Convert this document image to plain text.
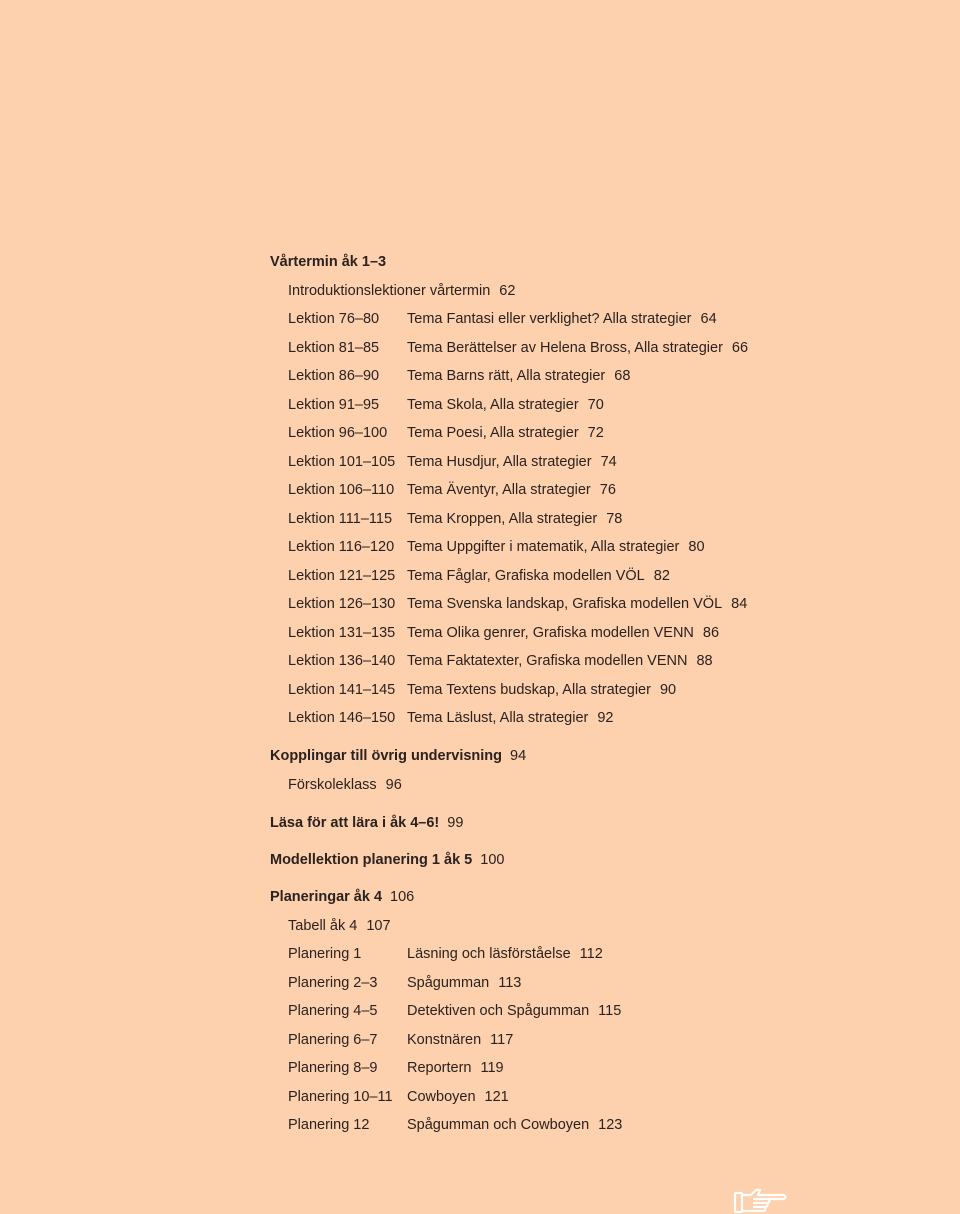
Vårtermin åk 1–3
Introduktionslektioner vårtermin 62
Lektion 76–80 Tema Fantasi eller verklighet? Alla strategier 64
Lektion 81–85 Tema Berättelser av Helena Bross, Alla strategier 66
Lektion 86–90 Tema Barns rätt, Alla strategier 68
Lektion 91–95 Tema Skola, Alla strategier 70
Lektion 96–100 Tema Poesi, Alla strategier 72
Lektion 101–105 Tema Husdjur, Alla strategier 74
Lektion 106–110 Tema Äventyr, Alla strategier 76
Lektion 111–115 Tema Kroppen, Alla strategier 78
Lektion 116–120 Tema Uppgifter i matematik, Alla strategier 80
Lektion 121–125 Tema Fåglar, Grafiska modellen VÖL 82
Lektion 126–130 Tema Svenska landskap, Grafiska modellen VÖL 84
Lektion 131–135 Tema Olika genrer, Grafiska modellen VENN 86
Lektion 136–140 Tema Faktatexter, Grafiska modellen VENN 88
Lektion 141–145 Tema Textens budskap, Alla strategier 90
Lektion 146–150 Tema Läslust, Alla strategier 92
Kopplingar till övrig undervisning 94
Förskoleklass 96
Läsa för att lära i åk 4–6! 99
Modellektion planering 1 åk 5 100
Planeringar åk 4 106
Tabell åk 4 107
Planering 1	Läsning och läsförståelse 112
Planering 2–3 Spågumman 113
Planering 4–5 Detektiven och Spågumman 115
Planering 6–7 Konstnären 117
Planering 8–9 Reportern 119
Planering 10–11 Cowboyen 121
Planering 12	Spågumman och Cowboyen 123
